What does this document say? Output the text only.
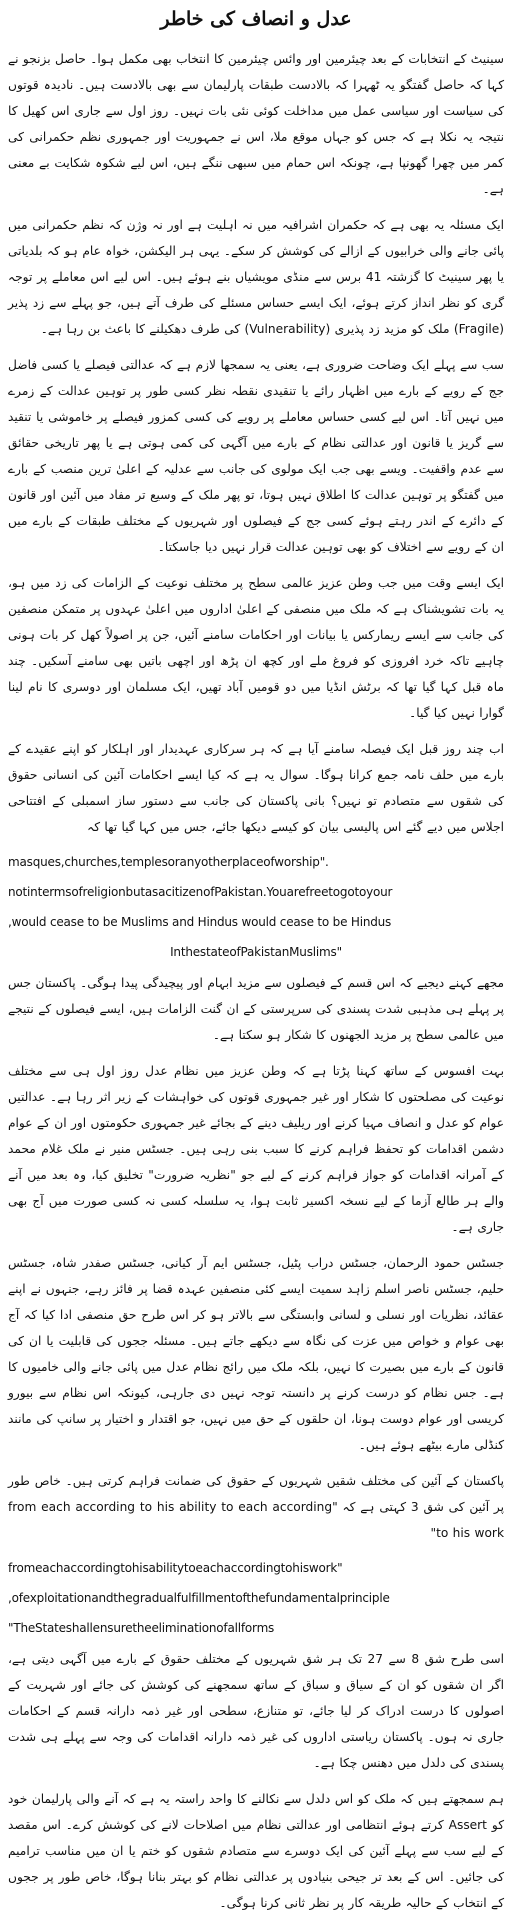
عدل و انصاف کی خاطر
سینیٹ کے انتخابات کے بعد چیئرمین اور وائس چیئرمین کا انتخاب بھی مکمل ہوا۔ حاصل بزنجو نے کہا کہ حاصل گفتگو یہ ٹھہرا کہ بالادست طبقات پارلیمان سے بھی بالادست ہیں۔ نادیدہ قوتوں کی سیاست اور سیاسی عمل میں مداخلت کوئی نئی بات نہیں۔ روز اول سے جاری اس کھیل کا نتیجہ یہ نکلا ہے کہ جس کو جہاں موقع ملا، اس نے جمہوریت اور جمہوری نظم حکمرانی کی کمر میں چھرا گھونپا ہے، چونکہ اس حمام میں سبھی ننگے ہیں، اس لیے شکوہ شکایت بے معنی ہے۔
ایک مسئلہ یہ بھی ہے کہ حکمران اشرافیہ میں نہ اہلیت ہے اور نہ وژن کہ نظم حکمرانی میں پائی جانے والی خرابیوں کے ازالے کی کوشش کر سکے۔ یہی ہر الیکشن، خواہ عام ہو کہ بلدیاتی یا پھر سینیٹ کا گزشتہ 41 برس سے منڈی مویشیاں بنے ہوئے ہیں۔ اس لیے اس معاملے پر توجہ گری کو نظر انداز کرتے ہوئے، ایک ایسے حساس مسئلے کی طرف آتے ہیں، جو پہلے سے زد پذیر (Fragile) ملک کو مزید زد پذیری (Vulnerability) کی طرف دھکیلنے کا باعث بن رہا ہے۔
سب سے پہلے ایک وضاحت ضروری ہے، یعنی یہ سمجھا لازم ہے کہ عدالتی فیصلے یا کسی فاضل جج کے رویے کے بارے میں اظہار رائے یا تنقیدی نقطہ نظر کسی طور پر توہین عدالت کے زمرے میں نہیں آتا۔ اس لیے کسی حساس معاملے پر رویے کی کسی کمزور فیصلے پر خاموشی یا تنقید سے گریز یا قانون اور عدالتی نظام کے بارے میں آگہی کی کمی ہوتی ہے یا پھر تاریخی حقائق سے عدم واقفیت۔ ویسے بھی جب ایک مولوی کی جانب سے عدلیہ کے اعلیٰ ترین منصب کے بارے میں گفتگو پر توہین عدالت کا اطلاق نہیں ہوتا، تو پھر ملک کے وسیع تر مفاد میں آئین اور قانون کے دائرے کے اندر رہتے ہوئے کسی جج کے فیصلوں اور شہریوں کے مختلف طبقات کے بارے میں ان کے رویے سے اختلاف کو بھی توہین عدالت قرار نہیں دیا جاسکتا۔
ایک ایسے وقت میں جب وطن عزیز عالمی سطح پر مختلف نوعیت کے الزامات کی زد میں ہو، یہ بات تشویشناک ہے کہ ملک میں منصفی کے اعلیٰ اداروں میں اعلیٰ عہدوں پر متمکن منصفین کی جانب سے ایسے ریمارکس یا بیانات اور احکامات سامنے آئیں، جن پر اصولاً کھل کر بات ہونی چاہیے تاکہ خرد افروزی کو فروغ ملے اور کچھ ان پڑھ اور اچھی باتیں بھی سامنے آسکیں۔ چند ماہ قبل کہا گیا تھا کہ برٹش انڈیا میں دو قومیں آباد تھیں، ایک مسلمان اور دوسری کا نام لینا گوارا نہیں کیا گیا۔
اب چند روز قبل ایک فیصلہ سامنے آیا ہے کہ ہر سرکاری عہدیدار اور اہلکار کو اپنے عقیدے کے بارے میں حلف نامہ جمع کرانا ہوگا۔ سوال یہ ہے کہ کیا ایسے احکامات آئین کی انسانی حقوق کی شقوں سے متصادم تو نہیں؟ بانی پاکستان کی جانب سے دستور ساز اسمبلی کے افتتاحی اجلاس میں دیے گئے اس پالیسی بیان کو کیسے دیکھا جائے، جس میں کہا گیا تھا کہ
masques,churches,templesoranyotherplaceofworship".
notintermsofreligionbutasacitizenofPakistan.Youarefreetogotoyour
,would cease to be Muslims and Hindus would cease to be Hindus
InthestateofPakistanMuslims"
مجھے کہنے دیجیے کہ اس قسم کے فیصلوں سے مزید ابہام اور پیچیدگی پیدا ہوگی۔ پاکستان جس پر پہلے ہی مذہبی شدت پسندی کی سرپرستی کے ان گنت الزامات ہیں، ایسے فیصلوں کے نتیجے میں عالمی سطح پر مزید الجھنوں کا شکار ہو سکتا ہے۔
بہت افسوس کے ساتھ کہنا پڑتا ہے کہ وطن عزیز میں نظام عدل روز اول ہی سے مختلف نوعیت کی مصلحتوں کا شکار اور غیر جمہوری قوتوں کی خواہشات کے زیر اثر رہا ہے۔ عدالتیں عوام کو عدل و انصاف مہیا کرنے اور ریلیف دینے کے بجائے غیر جمہوری حکومتوں اور ان کے عوام دشمن اقدامات کو تحفظ فراہم کرنے کا سبب بنی رہی ہیں۔ جسٹس منیر نے ملک غلام محمد کے آمرانہ اقدامات کو جواز فراہم کرنے کے لیے جو "نظریہ ضرورت" تخلیق کیا، وہ بعد میں آنے والے ہر طالع آزما کے لیے نسخہ اکسیر ثابت ہوا، یہ سلسلہ کسی نہ کسی صورت میں آج بھی جاری ہے۔
جسٹس حمود الرحمان، جسٹس دراب پٹیل، جسٹس ایم آر کیانی، جسٹس صفدر شاہ، جسٹس حلیم، جسٹس ناصر اسلم زاہد سمیت ایسے کئی منصفین عہدہ قضا پر فائز رہے، جنہوں نے اپنے عقائد، نظریات اور نسلی و لسانی وابستگی سے بالاتر ہو کر اس طرح حق منصفی ادا کیا کہ آج بھی عوام و خواص میں عزت کی نگاہ سے دیکھے جاتے ہیں۔ مسئلہ ججوں کی قابلیت یا ان کی قانون کے بارے میں بصیرت کا نہیں، بلکہ ملک میں رائج نظام عدل میں پائی جانے والی خامیوں کا ہے۔ جس نظام کو درست کرنے پر دانستہ توجہ نہیں دی جارہی، کیونکہ اس نظام سے بیورو کریسی اور عوام دوست ہونا، ان حلقوں کے حق میں نہیں، جو اقتدار و اختیار پر سانپ کی مانند کنڈلی مارے بیٹھے ہوئے ہیں۔
پاکستان کے آئین کی مختلف شقیں شہریوں کے حقوق کی ضمانت فراہم کرتی ہیں۔ خاص طور پر آئین کی شق 3 کہتی ہے کہ "from each according to his ability to each according to his work"
fromeachaccordingtohisabilitytoeachaccordingtohiswork"
,ofexploitationandthegradualfulfillmentofthefundamentalprinciple
"TheStateshallensuretheeliminationofallforms
اسی طرح شق 8 سے 27 تک ہر شق شہریوں کے مختلف حقوق کے بارے میں آگہی دیتی ہے، اگر ان شقوں کو ان کے سیاق و سباق کے ساتھ سمجھنے کی کوشش کی جائے اور شہریت کے اصولوں کا درست ادراک کر لیا جائے، تو متنازع، سطحی اور غیر ذمہ دارانہ قسم کے احکامات جاری نہ ہوں۔ پاکستان ریاستی اداروں کی غیر ذمہ دارانہ اقدامات کی وجہ سے پہلے ہی شدت پسندی کی دلدل میں دھنس چکا ہے۔
ہم سمجھتے ہیں کہ ملک کو اس دلدل سے نکالنے کا واحد راستہ یہ ہے کہ آنے والی پارلیمان خود کو Assert کرتے ہوئے انتظامی اور عدالتی نظام میں اصلاحات لانے کی کوشش کرے۔ اس مقصد کے لیے سب سے پہلے آئین کی ایک دوسرے سے متصادم شقوں کو ختم یا ان میں مناسب ترامیم کی جائیں۔ اس کے بعد تر جیحی بنیادوں پر عدالتی نظام کو بہتر بنانا ہوگا، خاص طور پر ججوں کے انتخاب کے حالیہ طریقہ کار پر نظر ثانی کرنا ہوگی۔
